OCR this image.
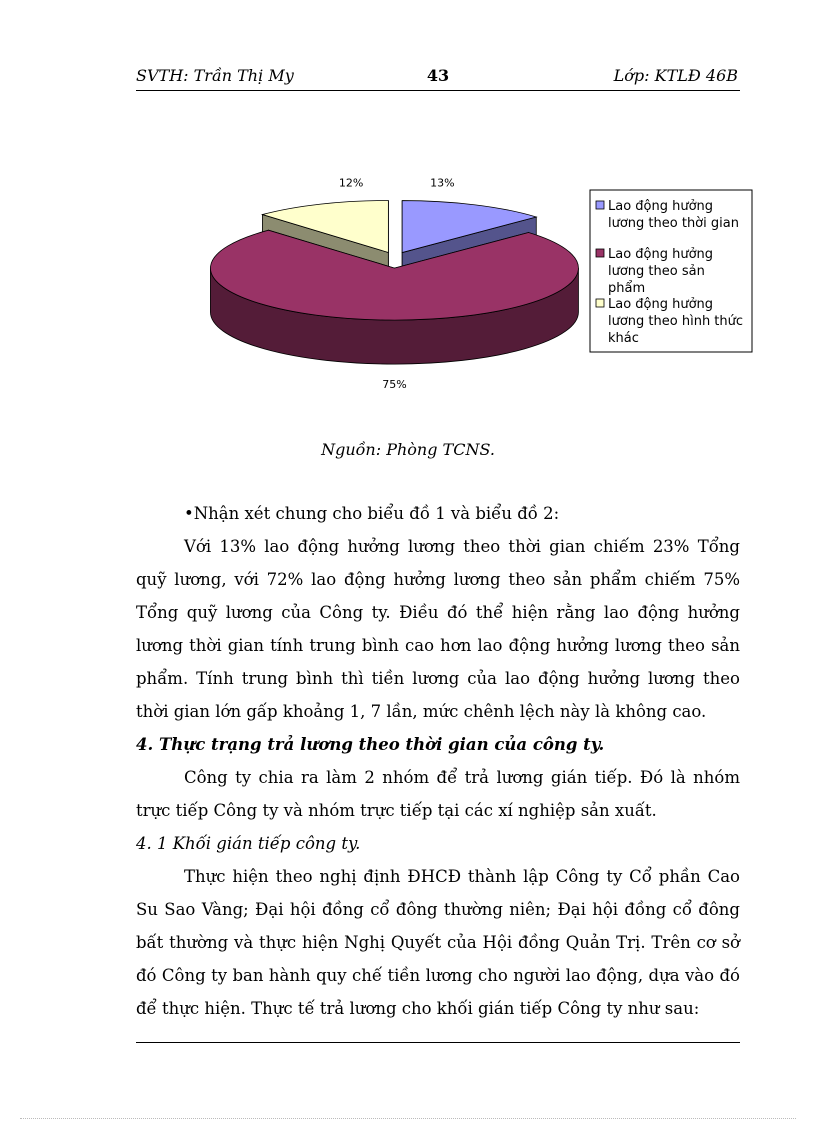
SVTH: Trần Thị My	43	Lớp: KTLĐ 46B
13%
75%
12%
Lao động hưởng
lương theo thời gian
Lao động hưởng
lương theo sản
phẩm
Lao động hưởng
lương theo hình thức
khác
Nguồn: Phòng TCNS.

•Nhận xét chung cho biểu đồ 1 và biểu đồ 2:

Với 13% lao động hưởng lương theo thời gian chiếm 23% Tổng quỹ lương, với 72% lao động hưởng lương theo sản phẩm chiếm 75% Tổng quỹ lương của Công ty. Điều đó thể hiện rằng lao động hưởng lương thời gian tính trung bình cao hơn lao động hưởng lương theo sản phẩm. Tính trung bình thì tiền lương của lao động hưởng lương theo thời gian lớn gấp khoảng 1, 7 lần, mức chênh lệch này là không cao.

4. Thực trạng trả lương theo thời gian của công ty.

Công ty chia ra làm 2 nhóm để trả lương gián tiếp. Đó là nhóm trực tiếp Công ty và nhóm trực tiếp tại các xí nghiệp sản xuất.

4. 1 Khối gián tiếp công ty.

Thực hiện theo nghị định ĐHCĐ thành lập Công ty Cổ phần Cao Su Sao Vàng; Đại hội đồng cổ đông thường niên; Đại hội đồng cổ đông bất thường và thực hiện Nghị Quyết của Hội đồng Quản Trị. Trên cơ sở đó Công ty ban hành quy chế tiền lương cho người lao động, dựa vào đó để thực hiện. Thực tế trả lương cho khối gián tiếp Công ty như sau:
